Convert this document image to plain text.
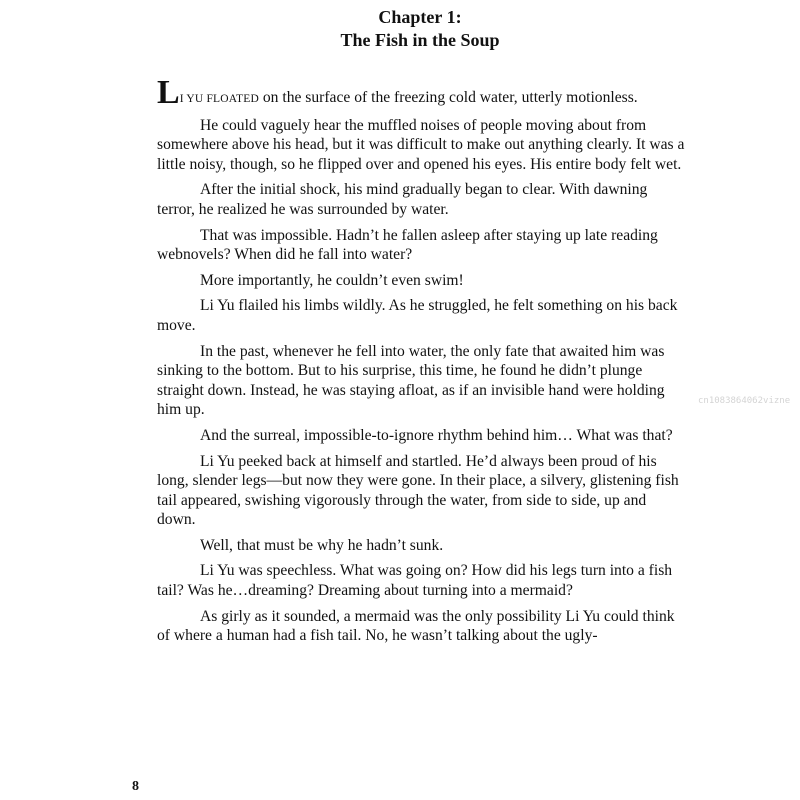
Chapter 1:
The Fish in the Soup

LI YU FLOATED on the surface of the freezing cold water, utterly motionless.

He could vaguely hear the muffled noises of people moving about from somewhere above his head, but it was difficult to make out anything clearly. It was a little noisy, though, so he flipped over and opened his eyes. His entire body felt wet.

After the initial shock, his mind gradually began to clear. With dawning terror, he realized he was surrounded by water.

That was impossible. Hadn’t he fallen asleep after staying up late reading webnovels? When did he fall into water?

More importantly, he couldn’t even swim!

Li Yu flailed his limbs wildly. As he struggled, he felt something on his back move.

In the past, whenever he fell into water, the only fate that awaited him was sinking to the bottom. But to his surprise, this time, he found he didn’t plunge straight down. Instead, he was staying afloat, as if an invisible hand were holding him up.

And the surreal, impossible-to-ignore rhythm behind him… What was that?

Li Yu peeked back at himself and startled. He’d always been proud of his long, slender legs—but now they were gone. In their place, a silvery, glistening fish tail appeared, swishing vigorously through the water, from side to side, up and down.

Well, that must be why he hadn’t sunk.

Li Yu was speechless. What was going on? How did his legs turn into a fish tail? Was he…dreaming? Dreaming about turning into a mermaid?

As girly as it sounded, a mermaid was the only possibility Li Yu could think of where a human had a fish tail. No, he wasn’t talking about the ugly-

cn1083864062vizne
8
